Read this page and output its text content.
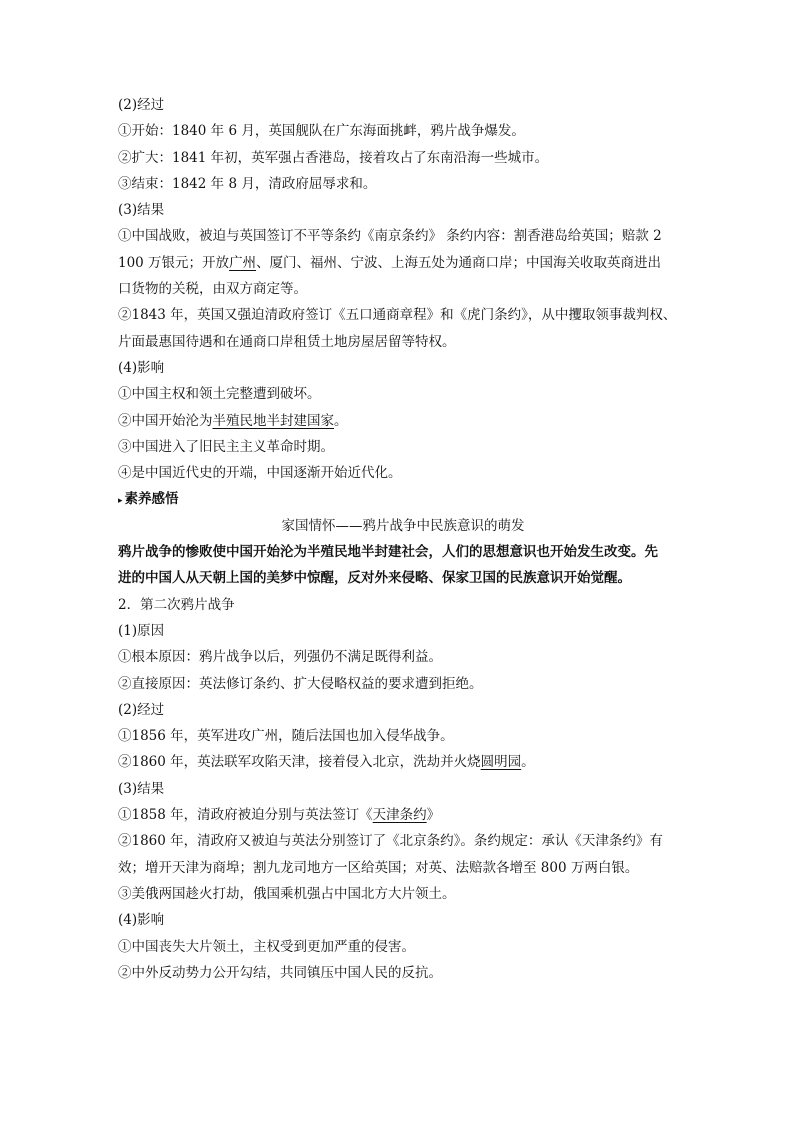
(2)经过
①开始：1840 年 6 月，英国舰队在广东海面挑衅，鸦片战争爆发。
②扩大：1841 年初，英军强占香港岛，接着攻占了东南沿海一些城市。
③结束：1842 年 8 月，清政府屈辱求和。
(3)结果
①中国战败，被迫与英国签订不平等条约《南京条约》 条约内容：割香港岛给英国；赔款 2
100 万银元；开放广州、厦门、福州、宁波、上海五处为通商口岸；中国海关收取英商进出
口货物的关税，由双方商定等。
②1843 年，英国又强迫清政府签订《五口通商章程》和《虎门条约》，从中攫取领事裁判权、
片面最惠国待遇和在通商口岸租赁土地房屋居留等特权。
(4)影响
①中国主权和领土完整遭到破坏。
②中国开始沦为半殖民地半封建国家。
③中国进入了旧民主主义革命时期。
④是中国近代史的开端，中国逐渐开始近代化。
▸ 素养感悟
家国情怀——鸦片战争中民族意识的萌发
鸦片战争的惨败使中国开始沦为半殖民地半封建社会，人们的思想意识也开始发生改变。先
进的中国人从天朝上国的美梦中惊醒，反对外来侵略、保家卫国的民族意识开始觉醒。
2．第二次鸦片战争
(1)原因
①根本原因：鸦片战争以后，列强仍不满足既得利益。
②直接原因：英法修订条约、扩大侵略权益的要求遭到拒绝。
(2)经过
①1856 年，英军进攻广州，随后法国也加入侵华战争。
②1860 年，英法联军攻陷天津，接着侵入北京，洗劫并火烧圆明园。
(3)结果
①1858 年，清政府被迫分别与英法签订《天津条约》
②1860 年，清政府又被迫与英法分别签订了《北京条约》。条约规定：承认《天津条约》有
效；增开天津为商埠；割九龙司地方一区给英国；对英、法赔款各增至 800 万两白银。
③美俄两国趁火打劫，俄国乘机强占中国北方大片领土。
(4)影响
①中国丧失大片领土，主权受到更加严重的侵害。
②中外反动势力公开勾结，共同镇压中国人民的反抗。
